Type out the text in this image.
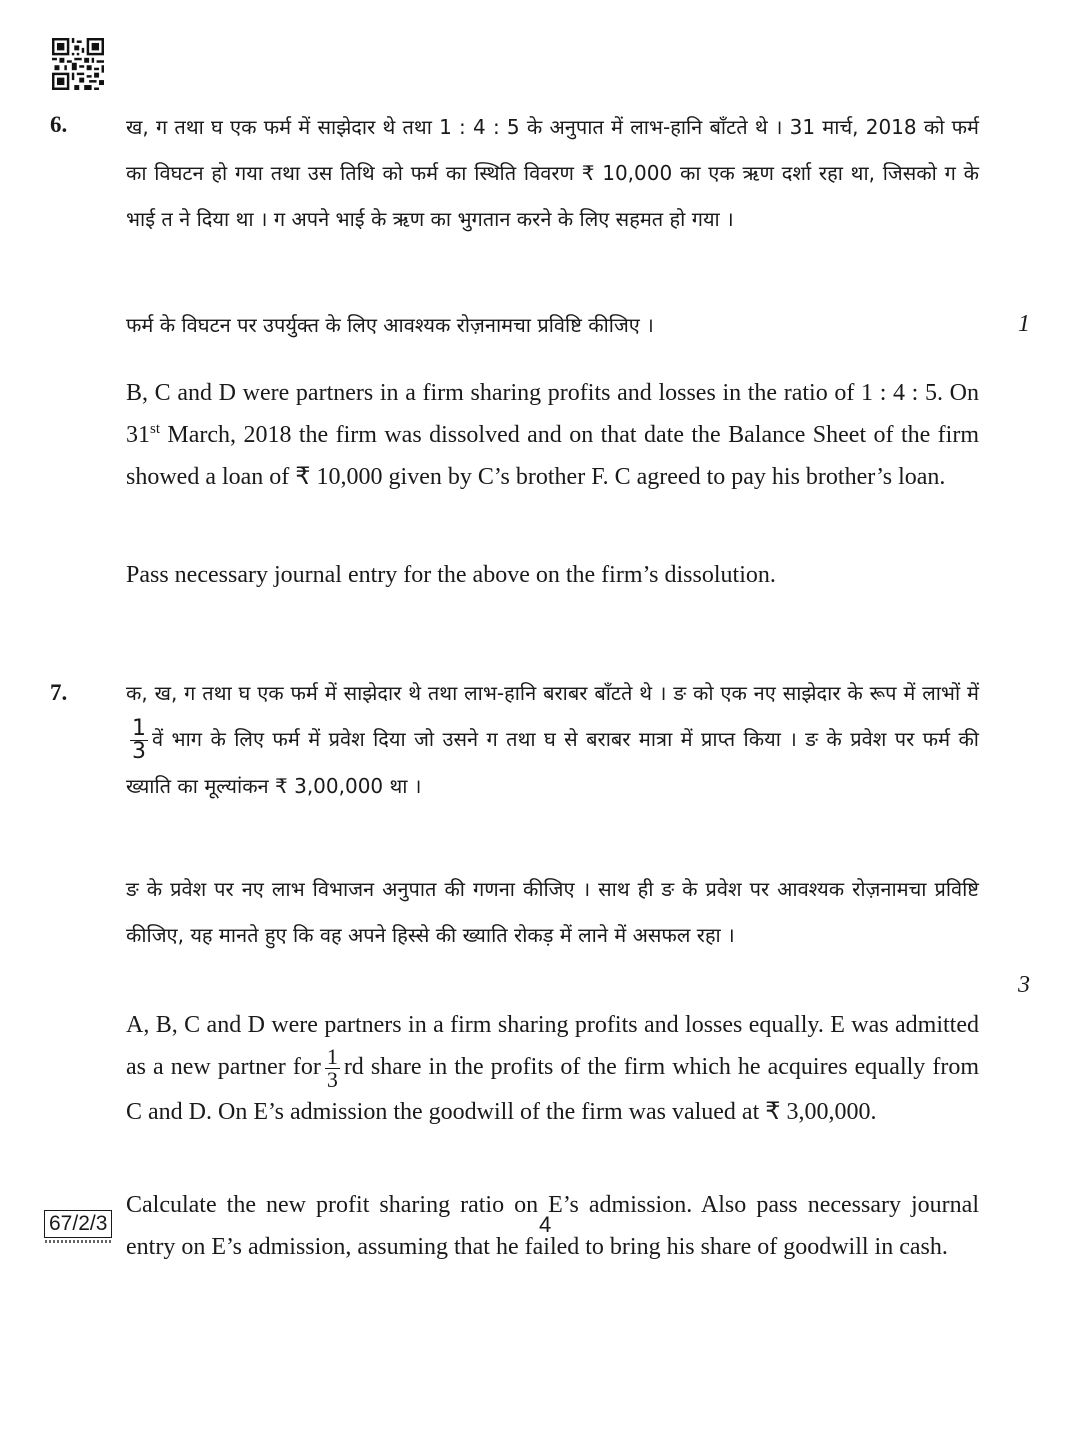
6.	ख, ग तथा घ एक फर्म में साझेदार थे तथा 1 : 4 : 5 के अनुपात में लाभ-हानि बाँटते थे । 31 मार्च, 2018 को फर्म का विघटन हो गया तथा उस तिथि को फर्म का स्थिति विवरण ₹ 10,000 का एक ऋण दर्शा रहा था, जिसको ग के भाई त ने दिया था । ग अपने भाई के ऋण का भुगतान करने के लिए सहमत हो गया ।

फर्म के विघटन पर उपर्युक्त के लिए आवश्यक रोज़नामचा प्रविष्टि कीजिए ।	1

B, C and D were partners in a firm sharing profits and losses in the ratio of 1 : 4 : 5. On 31st March, 2018 the firm was dissolved and on that date the Balance Sheet of the firm showed a loan of ₹ 10,000 given by C’s brother F. C agreed to pay his brother’s loan.

Pass necessary journal entry for the above on the firm’s dissolution.

7.	क, ख, ग तथा घ एक फर्म में साझेदार थे तथा लाभ-हानि बराबर बाँटते थे । ङ को एक नए साझेदार के रूप में लाभों में
$\frac{1}{3}$ वें भाग के लिए फर्म में प्रवेश दिया जो उसने ग तथा घ से बराबर मात्रा में प्राप्त किया । ङ के प्रवेश पर फर्म की ख्याति का मूल्यांकन ₹ 3,00,000 था ।

ङ के प्रवेश पर नए लाभ विभाजन अनुपात की गणना कीजिए । साथ ही ङ के प्रवेश पर आवश्यक रोज़नामचा प्रविष्टि कीजिए, यह मानते हुए कि वह अपने हिस्से की ख्याति रोकड़ में लाने में असफल रहा ।

3

A, B, C and D were partners in a firm sharing profits and losses equally. E was admitted as a new partner for $\frac{1}{3}$ rd share in the profits of the firm which he acquires equally from C and D. On E’s admission the goodwill of the firm was valued at ₹ 3,00,000.

Calculate the new profit sharing ratio on E’s admission. Also pass necessary journal entry on E’s admission, assuming that he failed to bring his share of goodwill in cash.

67/2/3	4
